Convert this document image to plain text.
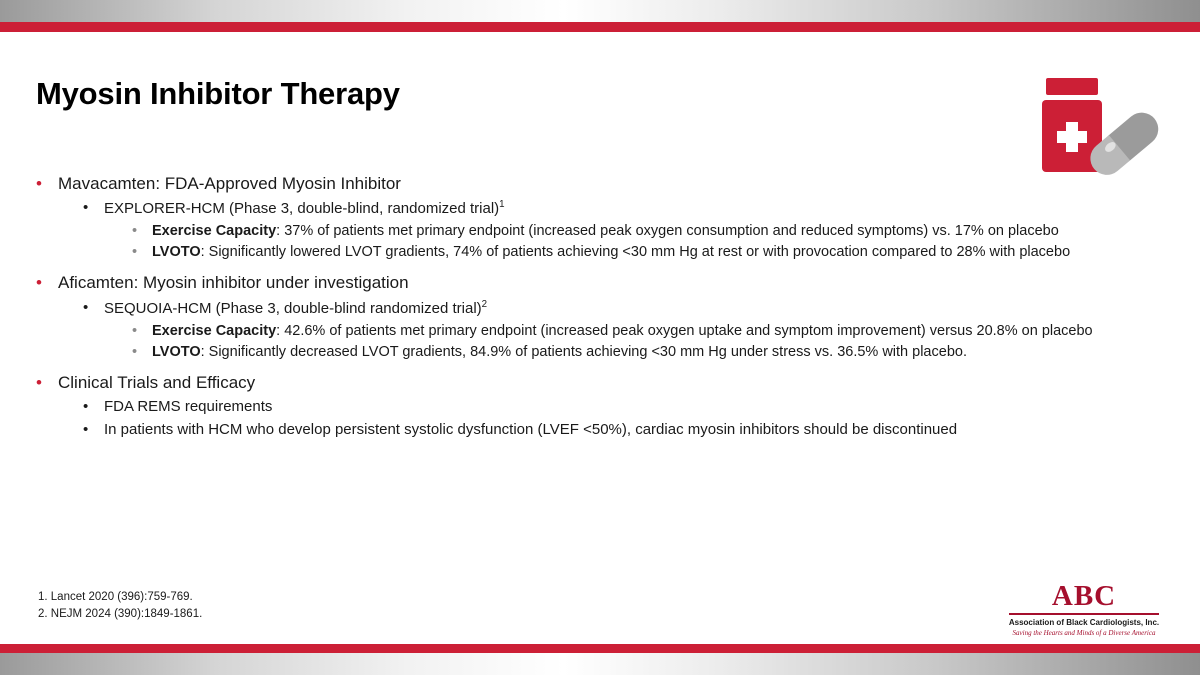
Myosin Inhibitor Therapy
• Mavacamten: FDA-Approved Myosin Inhibitor
• EXPLORER-HCM (Phase 3, double-blind, randomized trial)$^1$
• Exercise Capacity: 37% of patients met primary endpoint (increased peak oxygen consumption and reduced symptoms) vs. 17% on placebo
• LVOTO: Significantly lowered LVOT gradients, 74% of patients achieving <30 mm Hg at rest or with provocation compared to 28% with placebo
• Aficamten: Myosin inhibitor under investigation
• SEQUOIA-HCM (Phase 3, double-blind randomized trial)$^2$
• Exercise Capacity: 42.6% of patients met primary endpoint (increased peak oxygen uptake and symptom improvement) versus 20.8% on placebo
• LVOTO: Significantly decreased LVOT gradients, 84.9% of patients achieving <30 mm Hg under stress vs. 36.5% with placebo.
• Clinical Trials and Efficacy
• FDA REMS requirements
• In patients with HCM who develop persistent systolic dysfunction (LVEF <50%), cardiac myosin inhibitors should be discontinued
1. Lancet 2020 (396):759-769.
2. NEJM 2024 (390):1849-1861.
ABC
Association of Black Cardiologists, Inc.
Saving the Hearts and Minds of a Diverse America
